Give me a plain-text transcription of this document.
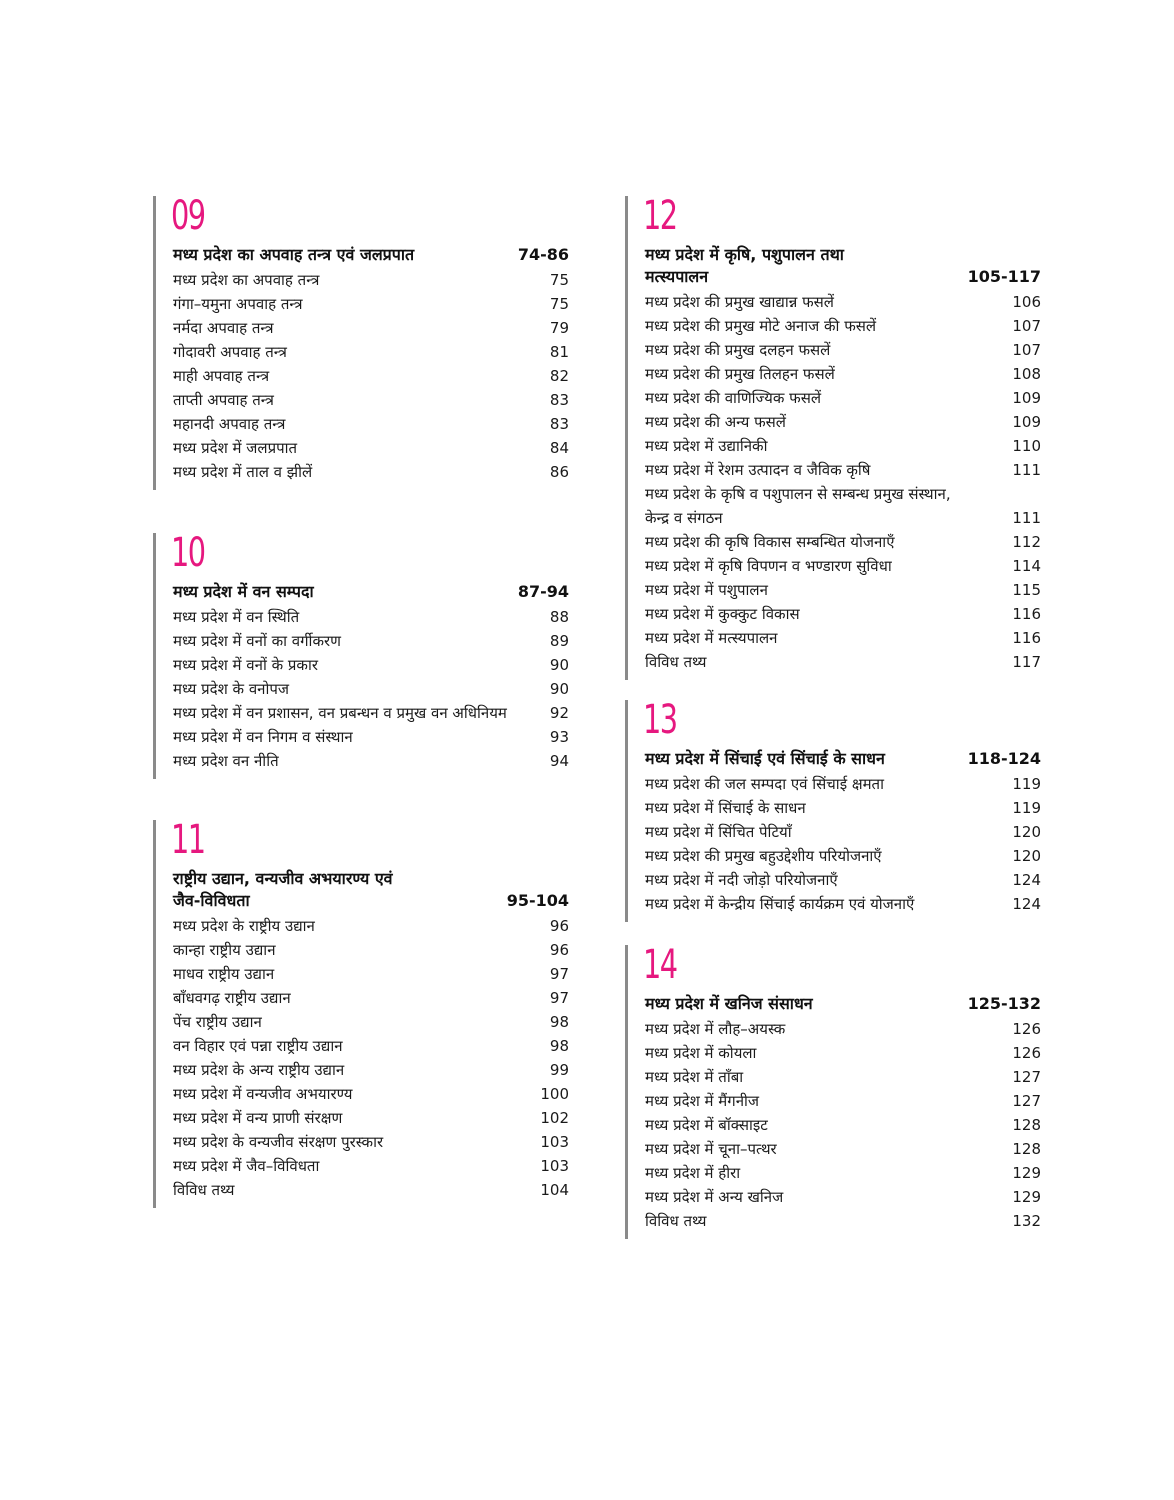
09
मध्य प्रदेश का अपवाह तन्त्र एवं जलप्रपात	74-86
मध्य प्रदेश का अपवाह तन्त्र	75
गंगा–यमुना अपवाह तन्त्र	75
नर्मदा अपवाह तन्त्र	79
गोदावरी अपवाह तन्त्र	81
माही अपवाह तन्त्र	82
ताप्ती अपवाह तन्त्र	83
महानदी अपवाह तन्त्र	83
मध्य प्रदेश में जलप्रपात	84
मध्य प्रदेश में ताल व झीलें	86
10
मध्य प्रदेश में वन सम्पदा	87-94
मध्य प्रदेश में वन स्थिति	88
मध्य प्रदेश में वनों का वर्गीकरण	89
मध्य प्रदेश में वनों के प्रकार	90
मध्य प्रदेश के वनोपज	90
मध्य प्रदेश में वन प्रशासन, वन प्रबन्धन व प्रमुख वन अधिनियम	92
मध्य प्रदेश में वन निगम व संस्थान	93
मध्य प्रदेश वन नीति	94
11
राष्ट्रीय उद्यान, वन्यजीव अभयारण्य एवं
जैव-विविधता	95-104
मध्य प्रदेश के राष्ट्रीय उद्यान	96
कान्हा राष्ट्रीय उद्यान	96
माधव राष्ट्रीय उद्यान	97
बाँधवगढ़ राष्ट्रीय उद्यान	97
पेंच राष्ट्रीय उद्यान	98
वन विहार एवं पन्ना राष्ट्रीय उद्यान	98
मध्य प्रदेश के अन्य राष्ट्रीय उद्यान	99
मध्य प्रदेश में वन्यजीव अभयारण्य	100
मध्य प्रदेश में वन्य प्राणी संरक्षण	102
मध्य प्रदेश के वन्यजीव संरक्षण पुरस्कार	103
मध्य प्रदेश में जैव–विविधता	103
विविध तथ्य	104
12
मध्य प्रदेश में कृषि, पशुपालन तथा
मत्स्यपालन	105-117
मध्य प्रदेश की प्रमुख खाद्यान्न फसलें	106
मध्य प्रदेश की प्रमुख मोटे अनाज की फसलें	107
मध्य प्रदेश की प्रमुख दलहन फसलें	107
मध्य प्रदेश की प्रमुख तिलहन फसलें	108
मध्य प्रदेश की वाणिज्यिक फसलें	109
मध्य प्रदेश की अन्य फसलें	109
मध्य प्रदेश में उद्यानिकी	110
मध्य प्रदेश में रेशम उत्पादन व जैविक कृषि	111
मध्य प्रदेश के कृषि व पशुपालन से सम्बन्ध प्रमुख संस्थान,
केन्द्र व संगठन	111
मध्य प्रदेश की कृषि विकास सम्बन्धित योजनाएँ	112
मध्य प्रदेश में कृषि विपणन व भण्डारण सुविधा	114
मध्य प्रदेश में पशुपालन	115
मध्य प्रदेश में कुक्कुट विकास	116
मध्य प्रदेश में मत्स्यपालन	116
विविध तथ्य	117
13
मध्य प्रदेश में सिंचाई एवं सिंचाई के साधन	118-124
मध्य प्रदेश की जल सम्पदा एवं सिंचाई क्षमता	119
मध्य प्रदेश में सिंचाई के साधन	119
मध्य प्रदेश में सिंचित पेटियाँ	120
मध्य प्रदेश की प्रमुख बहुउद्देशीय परियोजनाएँ	120
मध्य प्रदेश में नदी जोड़ो परियोजनाएँ	124
मध्य प्रदेश में केन्द्रीय सिंचाई कार्यक्रम एवं योजनाएँ	124
14
मध्य प्रदेश में खनिज संसाधन	125-132
मध्य प्रदेश में लौह–अयस्क	126
मध्य प्रदेश में कोयला	126
मध्य प्रदेश में ताँबा	127
मध्य प्रदेश में मैंगनीज	127
मध्य प्रदेश में बॉक्साइट	128
मध्य प्रदेश में चूना–पत्थर	128
मध्य प्रदेश में हीरा	129
मध्य प्रदेश में अन्य खनिज	129
विविध तथ्य	132
